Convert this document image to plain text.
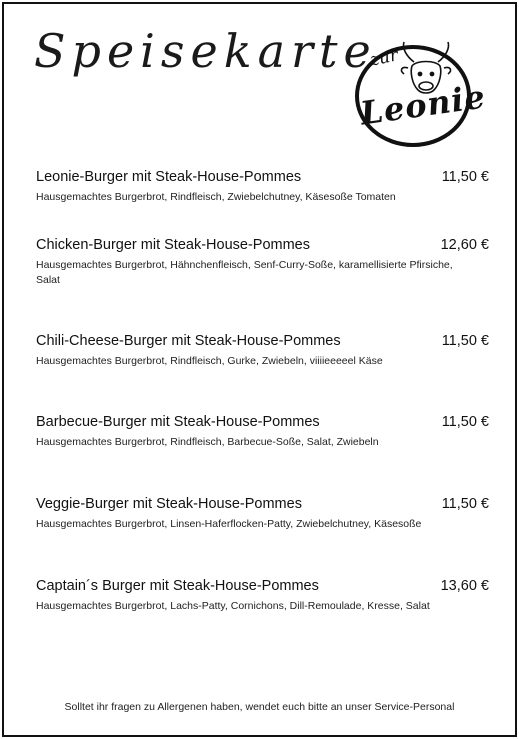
Speisekarte
zur
Leonie
Leonie-Burger mit Steak-House-Pommes	11,50 €
Hausgemachtes Burgerbrot, Rindfleisch, Zwiebelchutney, Käsesoße Tomaten
Chicken-Burger mit Steak-House-Pommes	12,60 €
Hausgemachtes Burgerbrot, Hähnchenfleisch, Senf-Curry-Soße, karamellisierte Pfirsiche, Salat
Chili-Cheese-Burger mit Steak-House-Pommes	11,50 €
Hausgemachtes Burgerbrot, Rindfleisch, Gurke, Zwiebeln, viiiieeeeel Käse
Barbecue-Burger mit Steak-House-Pommes	11,50 €
Hausgemachtes Burgerbrot, Rindfleisch, Barbecue-Soße, Salat, Zwiebeln
Veggie-Burger mit Steak-House-Pommes	11,50 €
Hausgemachtes Burgerbrot, Linsen-Haferflocken-Patty, Zwiebelchutney, Käsesoße
Captain´s Burger mit Steak-House-Pommes	13,60 €
Hausgemachtes Burgerbrot, Lachs-Patty, Cornichons, Dill-Remoulade, Kresse, Salat
Solltet ihr fragen zu Allergenen haben, wendet euch bitte an unser Service-Personal
